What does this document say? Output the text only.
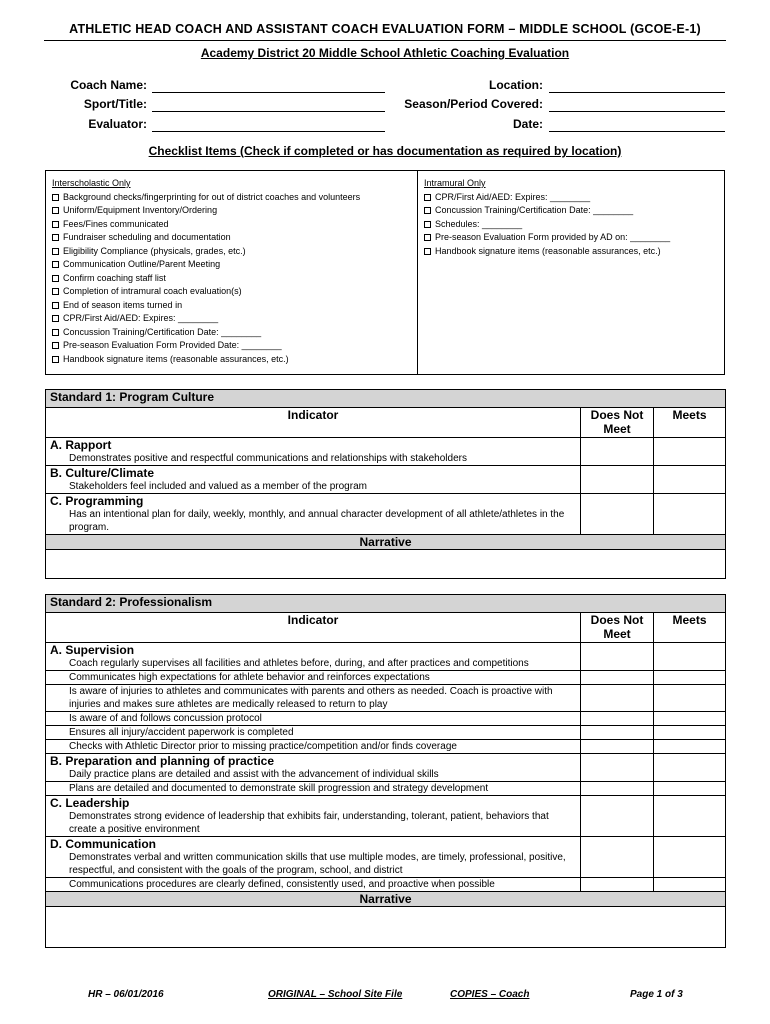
ATHLETIC HEAD COACH AND ASSISTANT COACH EVALUATION FORM – MIDDLE SCHOOL (GCOE-E-1)
Academy District 20 Middle School Athletic Coaching Evaluation
Coach Name:
Sport/Title:
Evaluator:
Location:
Season/Period Covered:
Date:
Checklist Items (Check if completed or has documentation as required by location)
Interscholastic Only
Background checks/fingerprinting for out of district coaches and volunteers
Uniform/Equipment Inventory/Ordering
Fees/Fines communicated
Fundraiser scheduling and documentation
Eligibility Compliance (physicals, grades, etc.)
Communication Outline/Parent Meeting
Confirm coaching staff list
Completion of intramural coach evaluation(s)
End of season items turned in
CPR/First Aid/AED: Expires: ________
Concussion Training/Certification Date: ________
Pre-season Evaluation Form Provided Date: ________
Handbook signature items (reasonable assurances, etc.)
Intramural Only
CPR/First Aid/AED: Expires: ________
Concussion Training/Certification Date: ________
Schedules: ________
Pre-season Evaluation Form provided by AD on: ________
Handbook signature items (reasonable assurances, etc.)
Standard 1: Program Culture		
Indicator	Does Not Meet	Meets

A. Rapport
Demonstrates positive and respectful communications and relationships with stakeholders		

B. Culture/Climate
Stakeholders feel included and valued as a member of the program		

C. Programming
Has an intentional plan for daily, weekly, monthly, and annual character development of all athlete/athletes in the program.		

Narrative		

Standard 2: Professionalism		
Indicator	Does Not Meet	Meets

A. Supervision
Coach regularly supervises all facilities and athletes before, during, and after practices and competitions		

Communicates high expectations for athlete behavior and reinforces expectations		

Is aware of injuries to athletes and communicates with parents and others as needed. Coach is proactive with injuries and makes sure athletes are medically released to return to play		

Is aware of and follows concussion protocol		

Ensures all injury/accident paperwork is completed		

Checks with Athletic Director prior to missing practice/competition and/or finds coverage		

B. Preparation and planning of practice
Daily practice plans are detailed and assist with the advancement of individual skills		

Plans are detailed and documented to demonstrate skill progression and strategy development		

C. Leadership
Demonstrates strong evidence of leadership that exhibits fair, understanding, tolerant, patient, behaviors that create a positive environment		

D. Communication
Demonstrates verbal and written communication skills that use multiple modes, are timely, professional, positive, respectful, and consistent with the goals of the program, school, and district		

Communications procedures are clearly defined, consistently used, and proactive when possible		

Narrative		

HR – 06/01/2016	ORIGINAL – School Site File	COPIES – Coach	Page 1 of 3
